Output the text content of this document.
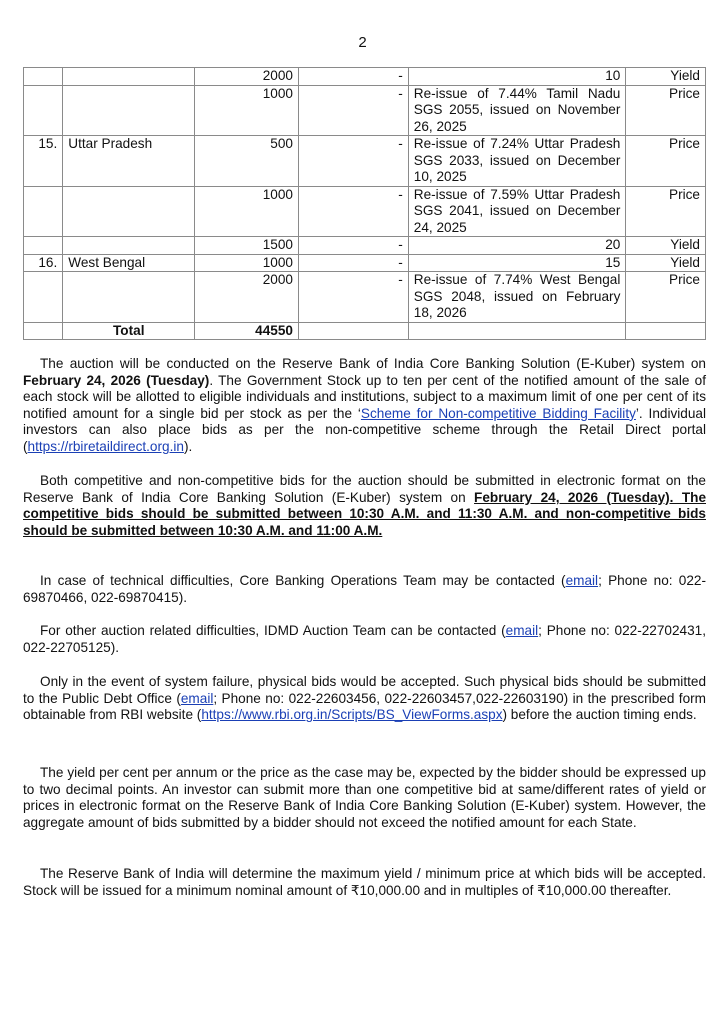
2
		2000	-	10	Yield
		1000	-	Re-issue of 7.44% Tamil Nadu SGS 2055, issued on November 26, 2025	Price
15.	Uttar Pradesh	500	-	Re-issue of 7.24% Uttar Pradesh SGS 2033, issued on December 10, 2025	Price
		1000	-	Re-issue of 7.59% Uttar Pradesh SGS 2041, issued on December 24, 2025	Price
		1500	-	20	Yield
16.	West Bengal	1000	-	15	Yield
		2000	-	Re-issue of 7.74% West Bengal SGS 2048, issued on February 18, 2026	Price
	Total	44550			

The auction will be conducted on the Reserve Bank of India Core Banking Solution (E-Kuber) system on February 24, 2026 (Tuesday). The Government Stock up to ten per cent of the notified amount of the sale of each stock will be allotted to eligible individuals and institutions, subject to a maximum limit of one per cent of its notified amount for a single bid per stock as per the ‘Scheme for Non-competitive Bidding Facility’. Individual investors can also place bids as per the non-competitive scheme through the Retail Direct portal (https://rbiretaildirect.org.in).

Both competitive and non-competitive bids for the auction should be submitted in electronic format on the Reserve Bank of India Core Banking Solution (E-Kuber) system on February 24, 2026 (Tuesday). The competitive bids should be submitted between 10:30 A.M. and 11:30 A.M. and non-competitive bids should be submitted between 10:30 A.M. and 11:00 A.M.

In case of technical difficulties, Core Banking Operations Team may be contacted (email; Phone no: 022-69870466, 022-69870415).

For other auction related difficulties, IDMD Auction Team can be contacted (email; Phone no: 022-22702431, 022-22705125).

Only in the event of system failure, physical bids would be accepted. Such physical bids should be submitted to the Public Debt Office (email; Phone no: 022-22603456, 022-22603457,022-22603190) in the prescribed form obtainable from RBI website (https://www.rbi.org.in/Scripts/BS_ViewForms.aspx) before the auction timing ends.

The yield per cent per annum or the price as the case may be, expected by the bidder should be expressed up to two decimal points. An investor can submit more than one competitive bid at same/different rates of yield or prices in electronic format on the Reserve Bank of India Core Banking Solution (E-Kuber) system. However, the aggregate amount of bids submitted by a bidder should not exceed the notified amount for each State.

The Reserve Bank of India will determine the maximum yield / minimum price at which bids will be accepted. Stock will be issued for a minimum nominal amount of ₹10,000.00 and in multiples of ₹10,000.00 thereafter.
